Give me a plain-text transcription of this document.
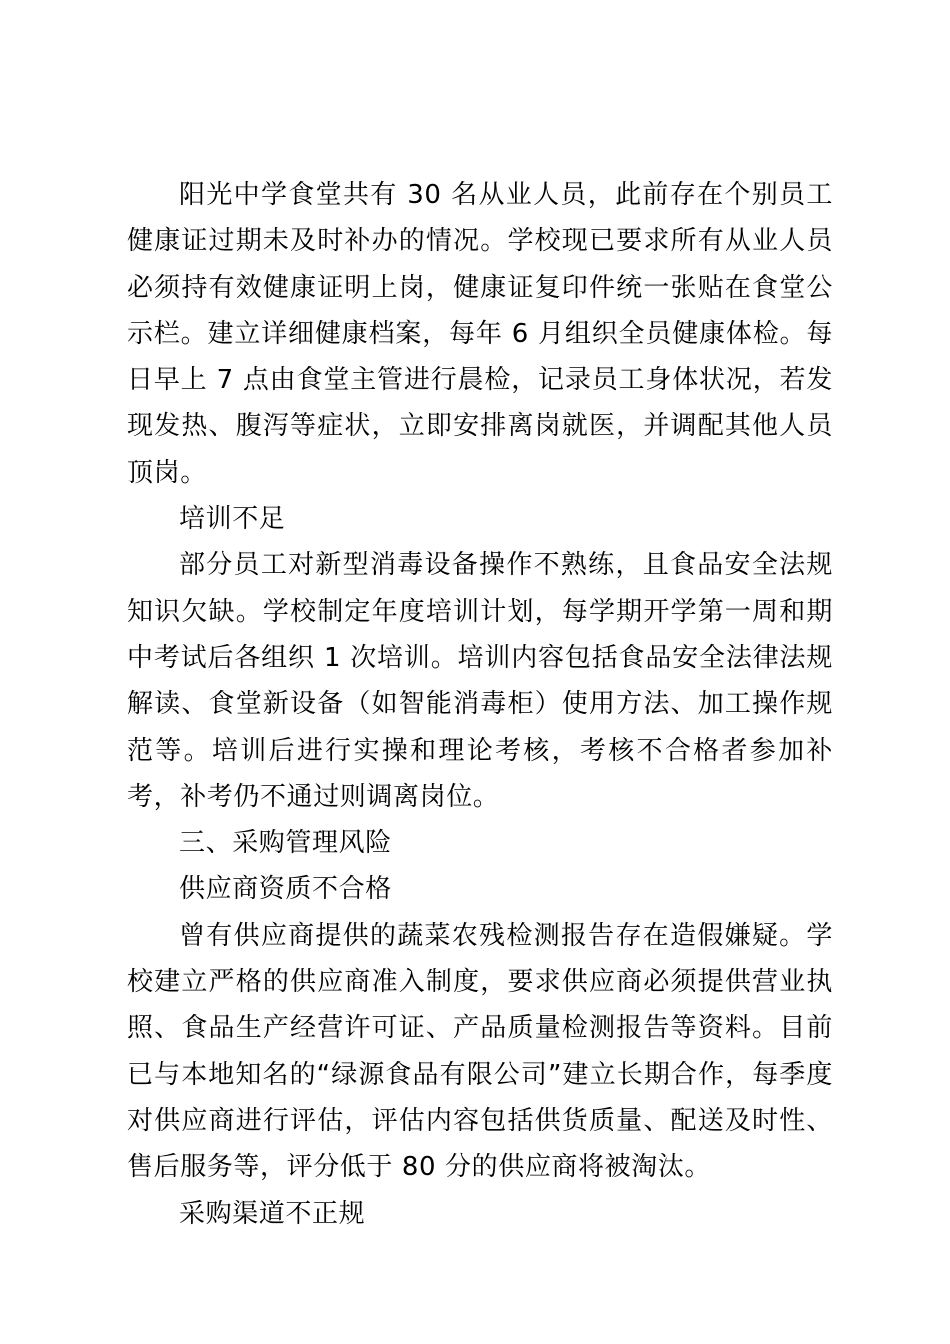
阳光中学食堂共有 30 名从业人员，此前存在个别员工健康证过期未及时补办的情况。学校现已要求所有从业人员必须持有效健康证明上岗，健康证复印件统一张贴在食堂公示栏。建立详细健康档案，每年 6 月组织全员健康体检。每日早上 7 点由食堂主管进行晨检，记录员工身体状况，若发现发热、腹泻等症状，立即安排离岗就医，并调配其他人员顶岗。

培训不足

部分员工对新型消毒设备操作不熟练，且食品安全法规知识欠缺。学校制定年度培训计划，每学期开学第一周和期中考试后各组织 1 次培训。培训内容包括食品安全法律法规解读、食堂新设备（如智能消毒柜）使用方法、加工操作规范等。培训后进行实操和理论考核，考核不合格者参加补考，补考仍不通过则调离岗位。

三、采购管理风险

供应商资质不合格

曾有供应商提供的蔬菜农残检测报告存在造假嫌疑。学校建立严格的供应商准入制度，要求供应商必须提供营业执照、食品生产经营许可证、产品质量检测报告等资料。目前已与本地知名的“绿源食品有限公司”建立长期合作，每季度对供应商进行评估，评估内容包括供货质量、配送及时性、售后服务等，评分低于 80 分的供应商将被淘汰。

采购渠道不正规
